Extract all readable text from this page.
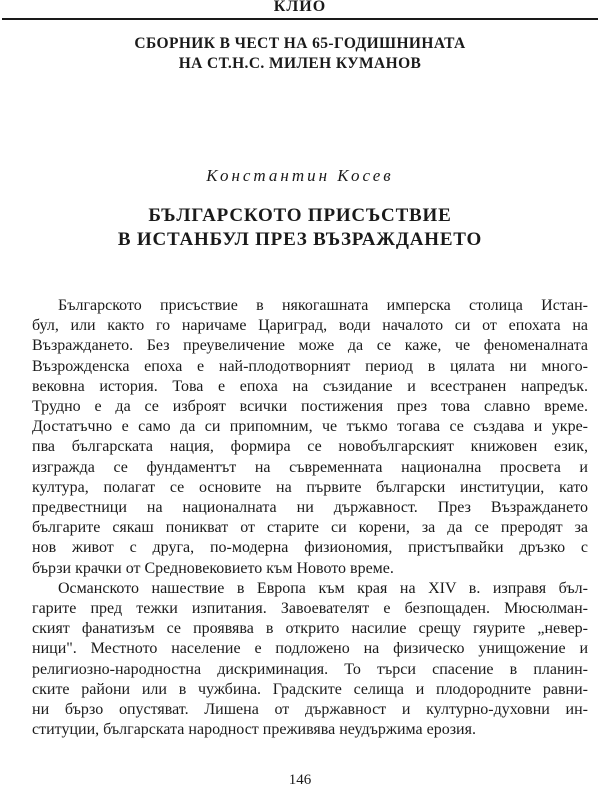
КЛИО
СБОРНИК В ЧЕСТ НА 65-ГОДИШНИНАТА
НА СТ.Н.С. МИЛЕН КУМАНОВ
Константин Косев
БЪЛГАРСКОТО ПРИСЪСТВИЕ
В ИСТАНБУЛ ПРЕЗ ВЪЗРАЖДАНЕТО
Българското присъствие в някогашната имперска столица Истан-
бул, или както го наричаме Цариград, води началото си от епохата на
Възраждането. Без преувеличение може да се каже, че феноменалната
Възрожденска епоха е най-плодотворният период в цялата ни многo-
вековна история. Това е епоха на съзидание и всестранен напредък.
Трудно е да се изброят всички постижения през това славно време.
Достатъчно е само да си припомним, че тъкмо тогава се създава и укре-
пва българската нация, формира се новобългарският книжовен език,
изгражда се фундаментът на съвременната национална просвета и
култура, полагат се основите на първите български институции, като
предвестници на националната ни държавност. През Възраждането
българите сякаш поникват от старите си корени, за да се преродят за
нов живот с друга, по-модерна физиономия, пристъпвайки дръзко с
бързи крачки от Средновековието към Новото време.
Османското нашествие в Европа към края на XIV в. изправя бъл-
гарите пред тежки изпитания. Завоевателят е безпощаден. Мюсюлман-
ският фанатизъм се проявява в открито насилие срещу гяурите „невер-
ници". Местното население е подложено на физическо унищожение и
религиозно-народностна дискриминация. То търси спасение в планин-
ските райони или в чужбина. Градските селища и плодородните равни-
ни бързо опустяват. Лишена от държавност и културно-духовни ин-
ституции, българската народност преживява неудържима ерозия.
146
